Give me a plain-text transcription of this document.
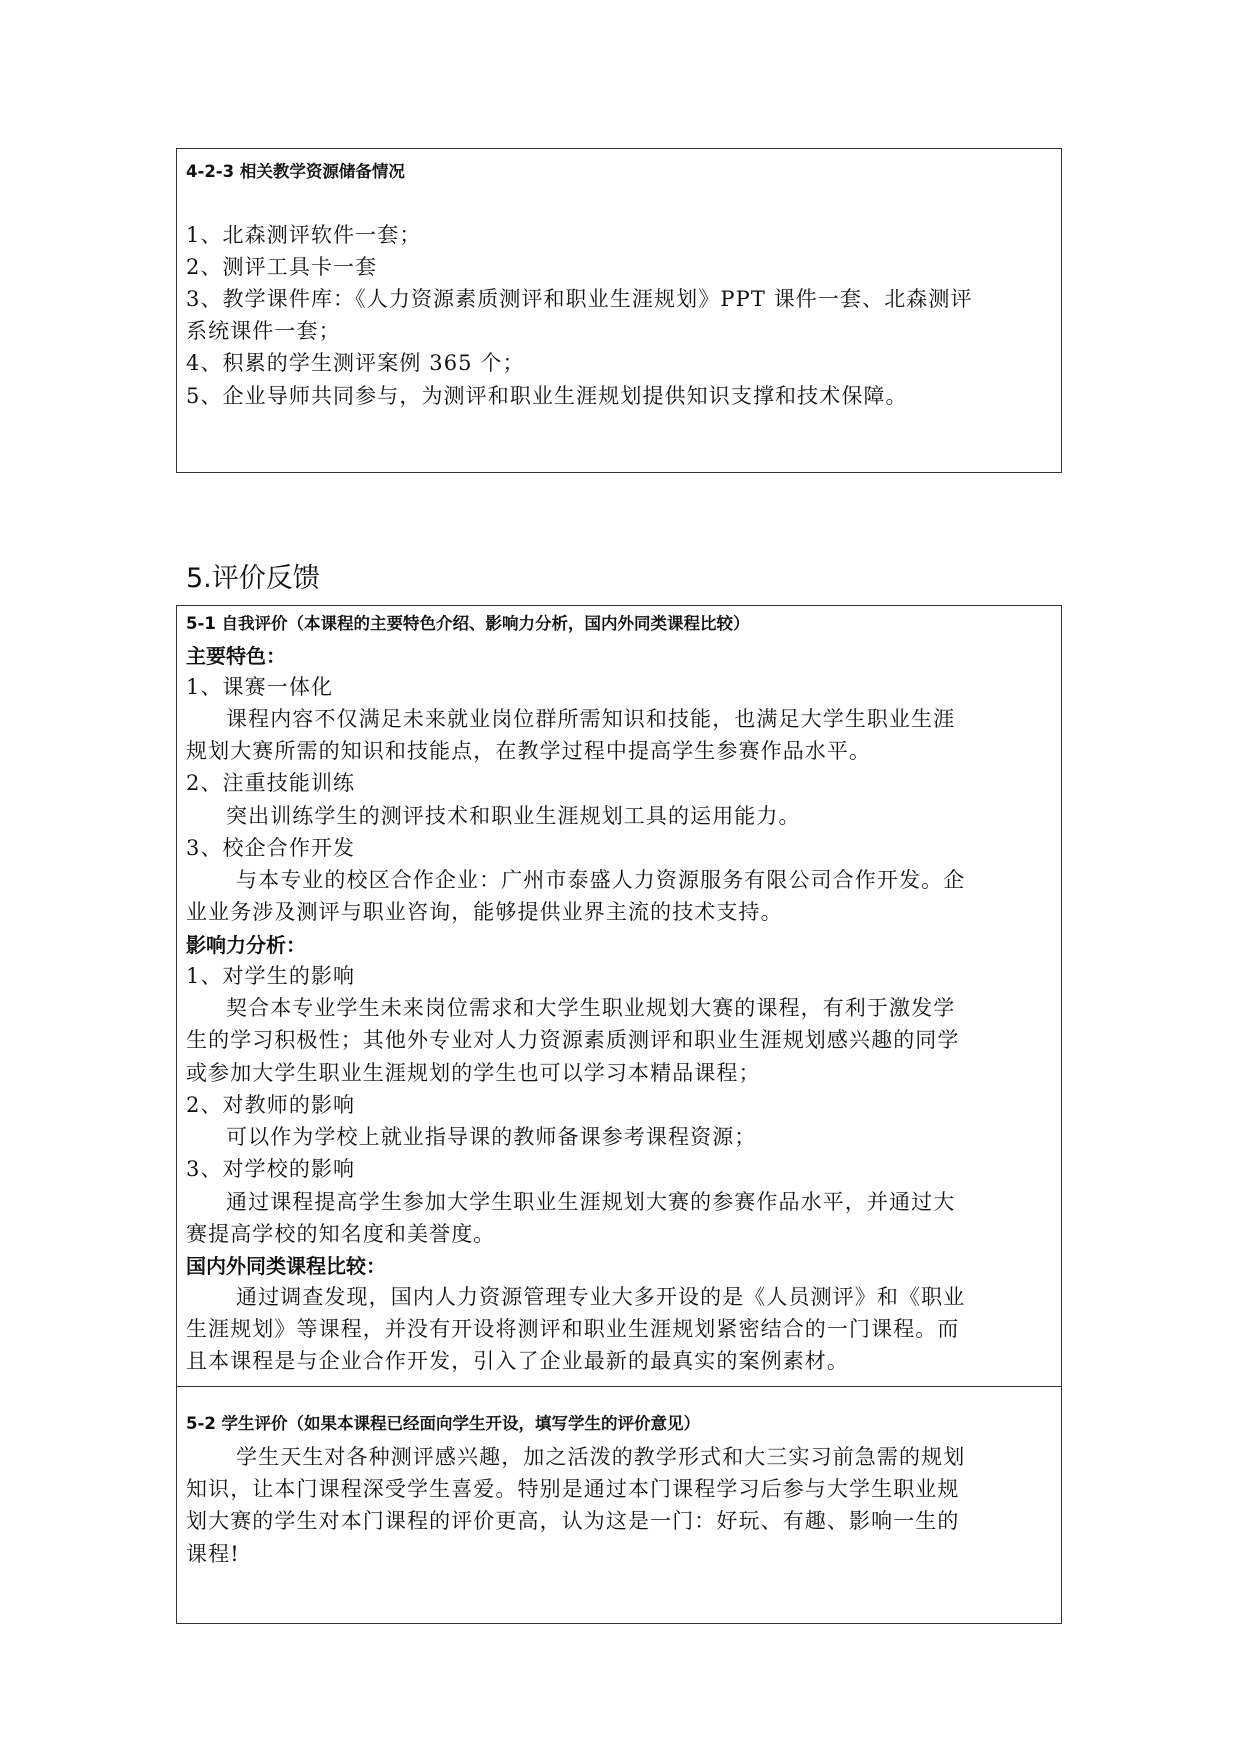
4-2-3 相关教学资源储备情况
1、北森测评软件一套；
2、测评工具卡一套
3、教学课件库：《人力资源素质测评和职业生涯规划》PPT 课件一套、北森测评
系统课件一套；
4、积累的学生测评案例 365 个；
5、企业导师共同参与，为测评和职业生涯规划提供知识支撑和技术保障。
5.评价反馈
5-1 自我评价（本课程的主要特色介绍、影响力分析，国内外同类课程比较）
主要特色：
1、课赛一体化
课程内容不仅满足未来就业岗位群所需知识和技能，也满足大学生职业生涯
规划大赛所需的知识和技能点，在教学过程中提高学生参赛作品水平。
2、注重技能训练
突出训练学生的测评技术和职业生涯规划工具的运用能力。
3、校企合作开发
与本专业的校区合作企业：广州市泰盛人力资源服务有限公司合作开发。企
业业务涉及测评与职业咨询，能够提供业界主流的技术支持。
影响力分析：
1、对学生的影响
契合本专业学生未来岗位需求和大学生职业规划大赛的课程，有利于激发学
生的学习积极性；其他外专业对人力资源素质测评和职业生涯规划感兴趣的同学
或参加大学生职业生涯规划的学生也可以学习本精品课程；
2、对教师的影响
可以作为学校上就业指导课的教师备课参考课程资源；
3、对学校的影响
通过课程提高学生参加大学生职业生涯规划大赛的参赛作品水平，并通过大
赛提高学校的知名度和美誉度。
国内外同类课程比较：
通过调查发现，国内人力资源管理专业大多开设的是《人员测评》和《职业
生涯规划》等课程，并没有开设将测评和职业生涯规划紧密结合的一门课程。而
且本课程是与企业合作开发，引入了企业最新的最真实的案例素材。
5-2 学生评价（如果本课程已经面向学生开设，填写学生的评价意见）
学生天生对各种测评感兴趣，加之活泼的教学形式和大三实习前急需的规划
知识，让本门课程深受学生喜爱。特别是通过本门课程学习后参与大学生职业规
划大赛的学生对本门课程的评价更高，认为这是一门：好玩、有趣、影响一生的
课程!
